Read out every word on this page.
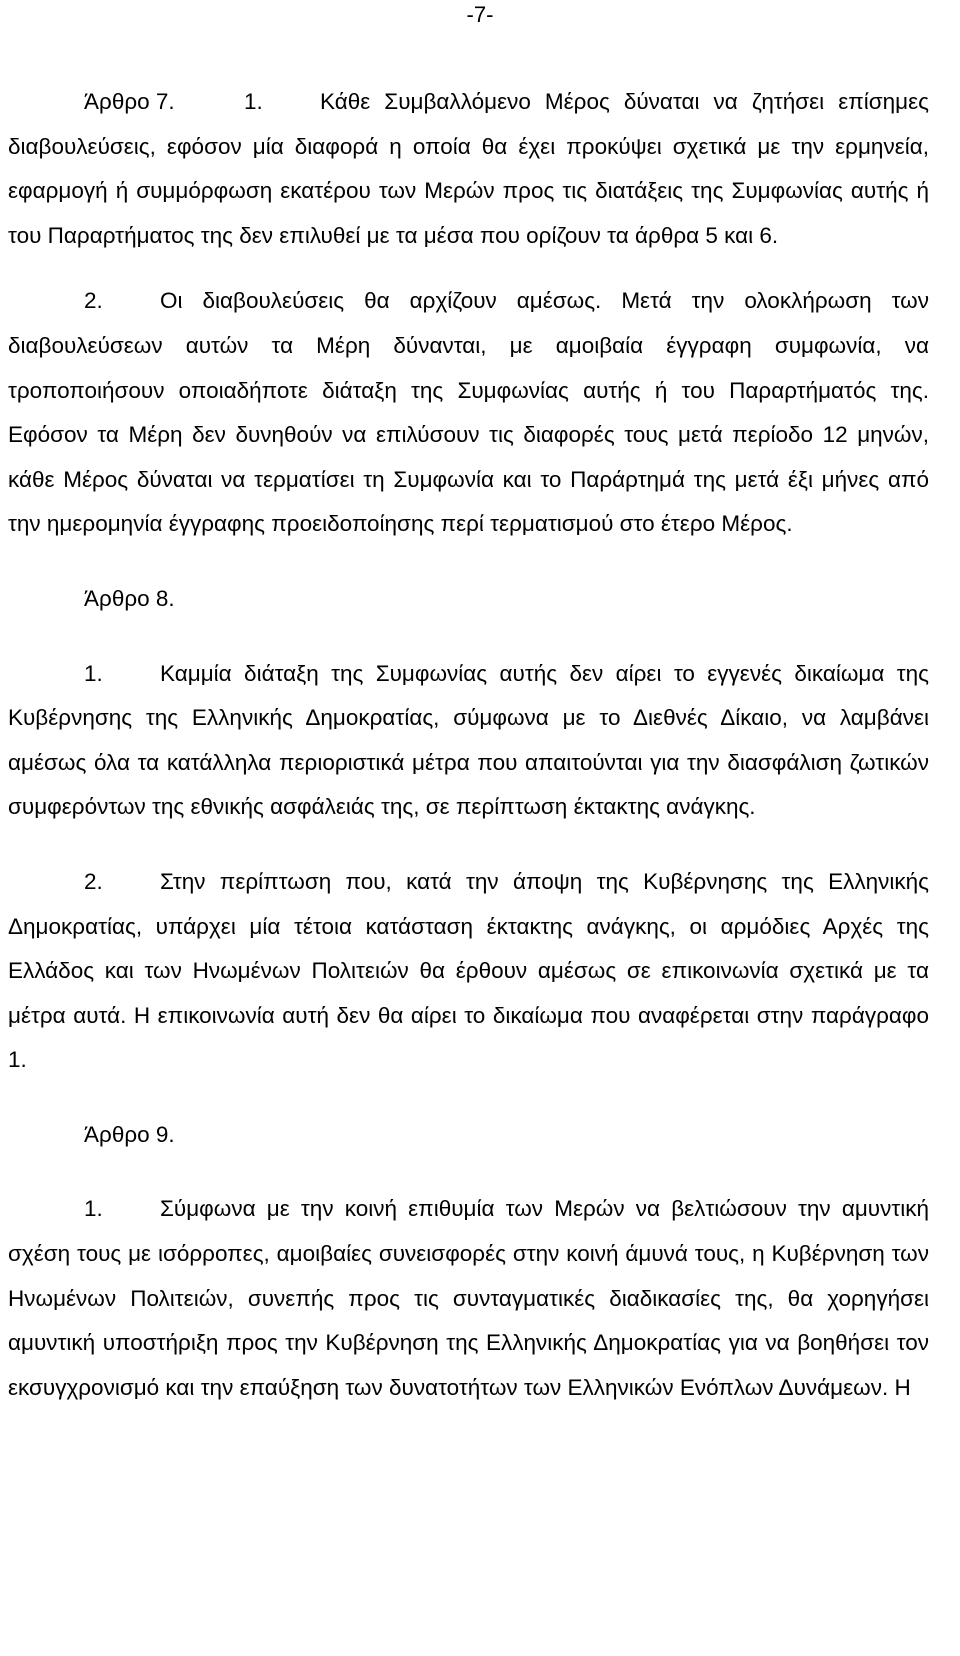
-7-

Άρθρο 7.	1.	Κάθε Συμβαλλόμενο Μέρος δύναται να ζητήσει επίσημες διαβουλεύσεις, εφόσον μία διαφορά η οποία θα έχει προκύψει σχετικά με την ερμηνεία, εφαρμογή ή συμμόρφωση εκατέρου των Μερών προς τις διατάξεις της Συμφωνίας αυτής ή του Παραρτήματος της δεν επιλυθεί με τα μέσα που ορίζουν τα άρθρα 5 και 6.

2.	Οι διαβουλεύσεις θα αρχίζουν αμέσως. Μετά την ολοκλήρωση των διαβουλεύσεων αυτών τα Μέρη δύνανται, με αμοιβαία έγγραφη συμφωνία, να τροποποιήσουν οποιαδήποτε διάταξη της Συμφωνίας αυτής ή του Παραρτήματός της. Εφόσον τα Μέρη δεν δυνηθούν να επιλύσουν τις διαφορές τους μετά περίοδο 12 μηνών, κάθε Μέρος δύναται να τερματίσει τη Συμφωνία και το Παράρτημά της μετά έξι μήνες από την ημερομηνία έγγραφης προειδοποίησης περί τερματισμού στο έτερο Μέρος.

Άρθρο 8.

1.	Καμμία διάταξη της Συμφωνίας αυτής δεν αίρει το εγγενές δικαίωμα της Κυβέρνησης της Ελληνικής Δημοκρατίας, σύμφωνα με το Διεθνές Δίκαιο, να λαμβάνει αμέσως όλα τα κατάλληλα περιοριστικά μέτρα που απαιτούνται για την διασφάλιση ζωτικών συμφερόντων της εθνικής ασφάλειάς της, σε περίπτωση έκτακτης ανάγκης.

2.	Στην περίπτωση που, κατά την άποψη της Κυβέρνησης της Ελληνικής Δημοκρατίας, υπάρχει μία τέτοια κατάσταση έκτακτης ανάγκης, οι αρμόδιες Αρχές της Ελλάδος και των Ηνωμένων Πολιτειών θα έρθουν αμέσως σε επικοινωνία σχετικά με τα μέτρα αυτά. Η επικοινωνία αυτή δεν θα αίρει το δικαίωμα που αναφέρεται στην παράγραφο 1.

Άρθρο 9.

1.	Σύμφωνα με την κοινή επιθυμία των Μερών να βελτιώσουν την αμυντική σχέση τους με ισόρροπες, αμοιβαίες συνεισφορές στην κοινή άμυνά τους, η Κυβέρνηση των Ηνωμένων Πολιτειών, συνεπής προς τις συνταγματικές διαδικασίες της, θα χορηγήσει αμυντική υποστήριξη προς την Κυβέρνηση της Ελληνικής Δημοκρατίας για να βοηθήσει τον εκσυγχρονισμό και την επαύξηση των δυνατοτήτων των Ελληνικών Ενόπλων Δυνάμεων. Η
